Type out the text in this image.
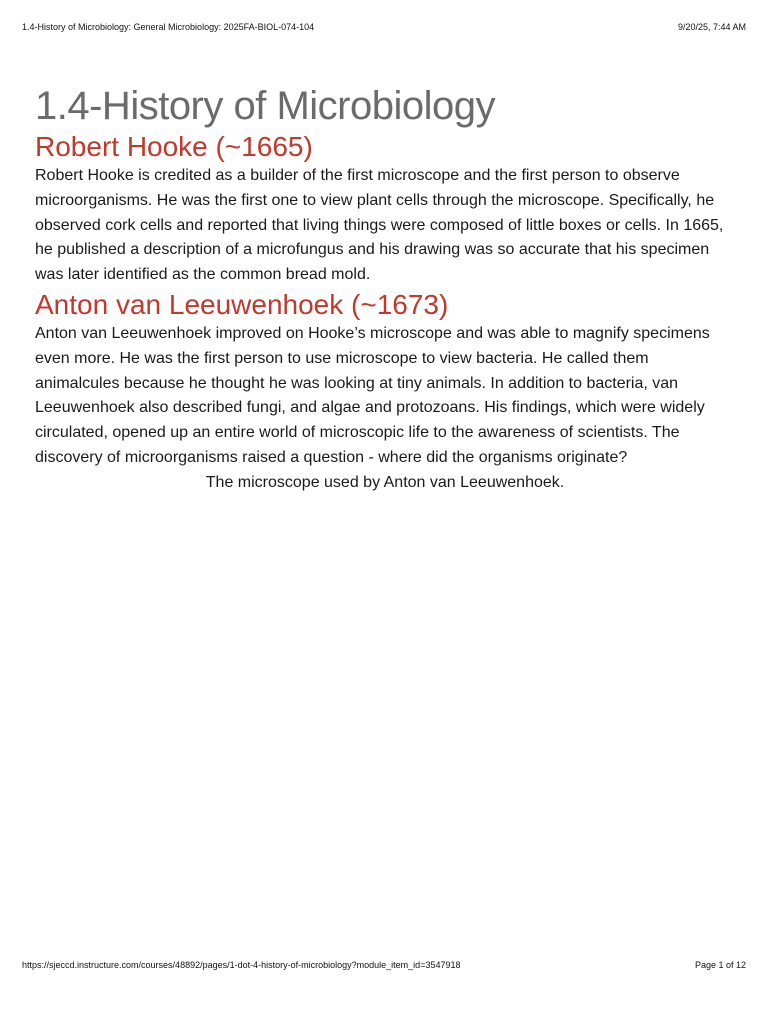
1.4-History of Microbiology: General Microbiology: 2025FA-BIOL-074-104	9/20/25, 7:44 AM
1.4-History of Microbiology
Robert Hooke (~1665)

Robert Hooke is credited as a builder of the first microscope and the first person to observe microorganisms. He was the first one to view plant cells through the microscope. Specifically, he observed cork cells and reported that living things were composed of little boxes or cells. In 1665, he published a description of a microfungus and his drawing was so accurate that his specimen was later identified as the common bread mold.

Anton van Leeuwenhoek (~1673)

Anton van Leeuwenhoek improved on Hooke’s microscope and was able to magnify specimens even more. He was the first person to use microscope to view bacteria. He called them animalcules because he thought he was looking at tiny animals. In addition to bacteria, van Leeuwenhoek also described fungi, and algae and protozoans. His findings, which were widely circulated, opened up an entire world of microscopic life to the awareness of scientists. The discovery of microorganisms raised a question - where did the organisms originate?

The microscope used by Anton van Leeuwenhoek.

https://sjeccd.instructure.com/courses/48892/pages/1-dot-4-history-of-microbiology?module_item_id=3547918	Page 1 of 12
